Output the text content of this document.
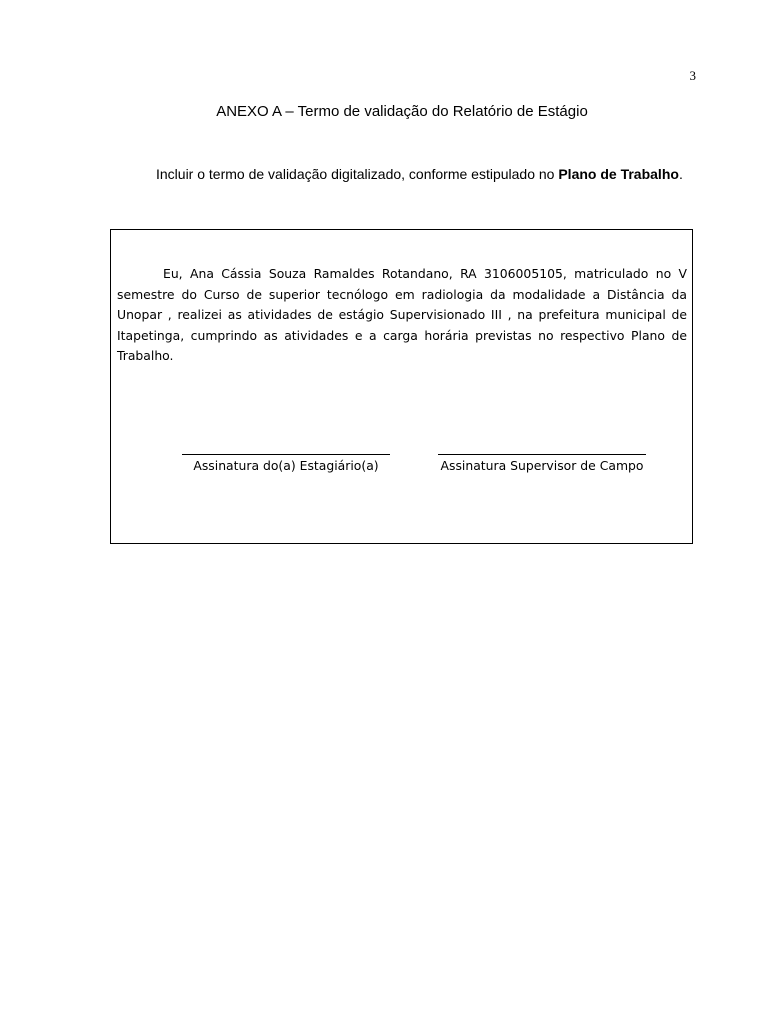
3
ANEXO A – Termo de validação do Relatório de Estágio
Incluir o termo de validação digitalizado, conforme estipulado no Plano de Trabalho.

Eu, Ana Cássia Souza Ramaldes Rotandano, RA 3106005105, matriculado no V semestre do Curso de superior tecnólogo em radiologia da modalidade a Distância da Unopar , realizei as atividades de estágio Supervisionado III , na prefeitura municipal de Itapetinga, cumprindo as atividades e a carga horária previstas no respectivo Plano de Trabalho.

Assinatura do(a) Estagiário(a)	Assinatura Supervisor de Campo
